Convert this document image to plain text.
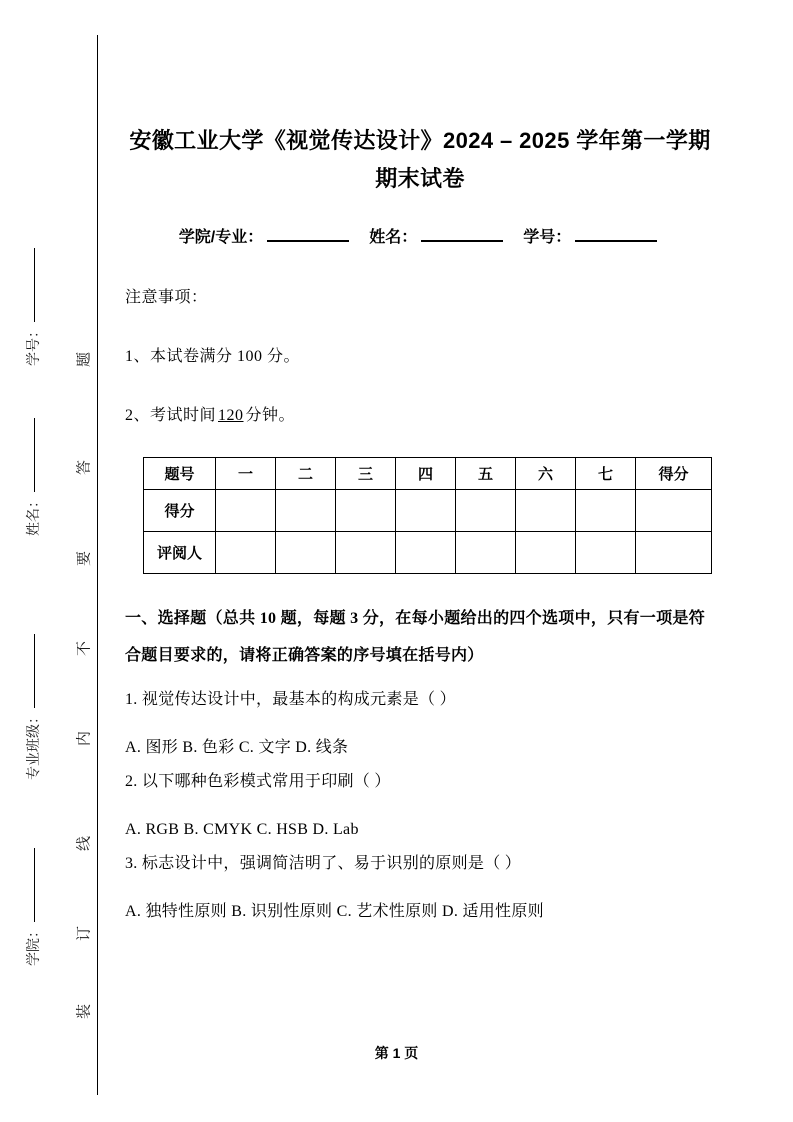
题
答
要
不
内
线
订
装
学号：
姓名：
专业班级：
学院：
安徽工业大学《视觉传达设计》2024 – 2025 学年第一学期期末试卷
学院/专业：	姓名：	学号：

注意事项：

1、本试卷满分 100 分。

2、考试时间 120 分钟。

题号	一	二	三	四	五	六	七	得分
得分								
评阅人								

一、选择题（总共 10 题，每题 3 分，在每小题给出的四个选项中，只有一项是符合题目要求的，请将正确答案的序号填在括号内）

1. 视觉传达设计中，最基本的构成元素是（ ）

A. 图形 B. 色彩 C. 文字 D. 线条

2. 以下哪种色彩模式常用于印刷（ ）

A. RGB B. CMYK C. HSB D. Lab

3. 标志设计中，强调简洁明了、易于识别的原则是（ ）

A. 独特性原则 B. 识别性原则 C. 艺术性原则 D. 适用性原则

第 1 页
